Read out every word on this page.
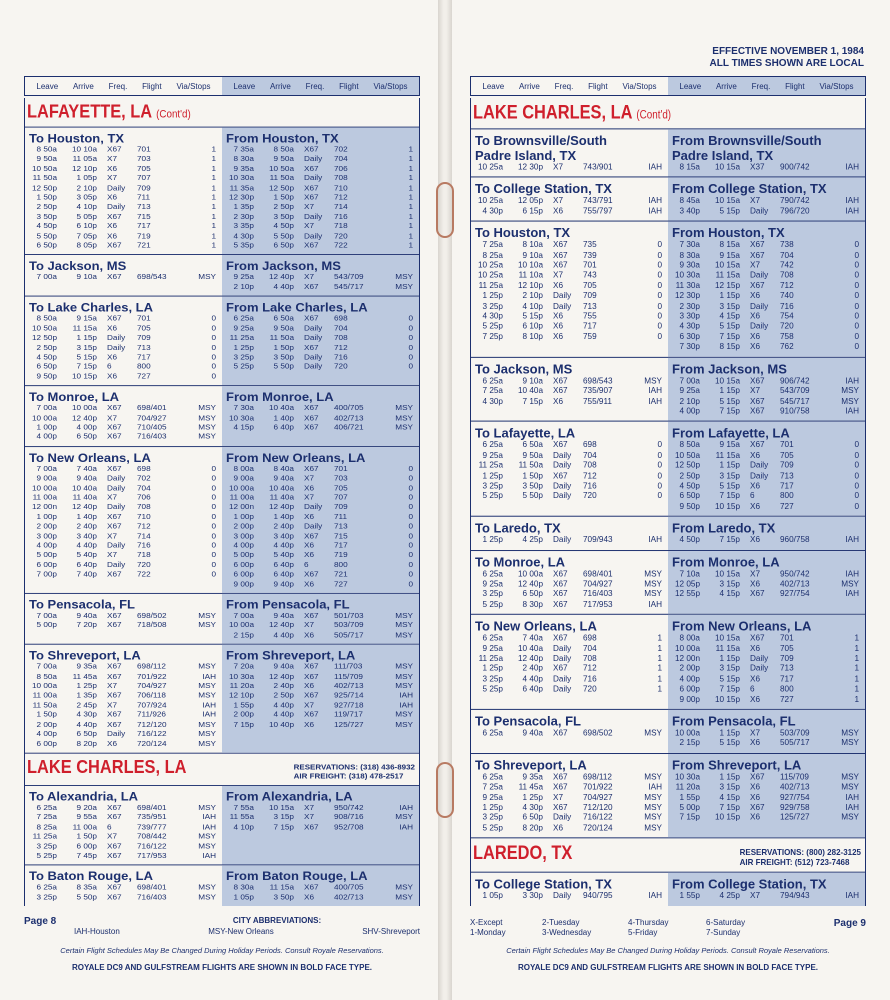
EFFECTIVE NOVEMBER 1, 1984
ALL TIMES SHOWN ARE LOCAL
Leave Arrive Freq. Flight Via/Stops	Leave Arrive Freq. Flight Via/Stops
LAFAYETTE, LA (Cont'd)
To Houston, TX
8 50a	10 10a	X67	701	1
9 50a	11 05a	X7	703	1
10 50a	12 10p	X6	705	1
11 50a	1 05p	X7	707	1
12 50p	2 10p	Daily	709	1
1 50p	3 05p	X6	711	1
2 50p	4 10p	Daily	713	1
3 50p	5 05p	X67	715	1
4 50p	6 10p	X6	717	1
5 50p	7 05p	X6	719	1
6 50p	8 05p	X67	721	1
From Houston, TX
7 35a	8 50a	X67	702	1
8 30a	9 50a	Daily	704	1
9 35a	10 50a	X67	706	1
10 30a	11 50a	Daily	708	1
11 35a	12 50p	X67	710	1
12 30p	1 50p	X67	712	1
1 35p	2 50p	X7	714	1
2 30p	3 50p	Daily	716	1
3 35p	4 50p	X7	718	1
4 30p	5 50p	Daily	720	1
5 35p	6 50p	X67	722	1
To Jackson, MS
7 00a	9 10a	X67	698/543	MSY
From Jackson, MS
9 25a	12 40p	X7	543/709	MSY
2 10p	4 40p	X67	545/717	MSY
To Lake Charles, LA
8 50a	9 15a	X67	701	0
10 50a	11 15a	X6	705	0
12 50p	1 15p	Daily	709	0
2 50p	3 15p	Daily	713	0
4 50p	5 15p	X6	717	0
6 50p	7 15p	6	800	0
9 50p	10 15p	X6	727	0
From Lake Charles, LA
6 25a	6 50a	X67	698	0
9 25a	9 50a	Daily	704	0
11 25a	11 50a	Daily	708	0
1 25p	1 50p	X67	712	0
3 25p	3 50p	Daily	716	0
5 25p	5 50p	Daily	720	0
To Monroe, LA
7 00a	10 00a	X67	698/401	MSY
10 00a	12 40p	X7	704/927	MSY
1 00p	4 00p	X67	710/405	MSY
4 00p	6 50p	X67	716/403	MSY
From Monroe, LA
7 30a	10 40a	X67	400/705	MSY
10 30a	1 40p	X67	402/713	MSY
4 15p	6 40p	X67	406/721	MSY
To New Orleans, LA
7 00a	7 40a	X67	698	0
9 00a	9 40a	Daily	702	0
10 00a	10 40a	Daily	704	0
11 00a	11 40a	X7	706	0
12 00n	12 40p	Daily	708	0
1 00p	1 40p	X67	710	0
2 00p	2 40p	X67	712	0
3 00p	3 40p	X7	714	0
4 00p	4 40p	Daily	716	0
5 00p	5 40p	X7	718	0
6 00p	6 40p	Daily	720	0
7 00p	7 40p	X67	722	0
From New Orleans, LA
8 00a	8 40a	X67	701	0
9 00a	9 40a	X7	703	0
10 00a	10 40a	X6	705	0
11 00a	11 40a	X7	707	0
12 00n	12 40p	Daily	709	0
1 00p	1 40p	X6	711	0
2 00p	2 40p	Daily	713	0
3 00p	3 40p	X67	715	0
4 00p	4 40p	X6	717	0
5 00p	5 40p	X6	719	0
6 00p	6 40p	6	800	0
6 00p	6 40p	X67	721	0
9 00p	9 40p	X6	727	0
To Pensacola, FL
7 00a	9 40a	X67	698/502	MSY
5 00p	7 20p	X67	718/508	MSY
From Pensacola, FL
7 00a	9 40a	X67	501/703	MSY
10 00a	12 40p	X7	503/709	MSY
2 15p	4 40p	X6	505/717	MSY
To Shreveport, LA
7 00a	9 35a	X67	698/112	MSY
8 50a	11 45a	X67	701/922	IAH
10 00a	1 25p	X7	704/927	MSY
11 00a	1 35p	X67	706/118	MSY
11 50a	2 45p	X7	707/924	IAH
1 50p	4 30p	X67	711/926	IAH
2 00p	4 40p	X67	712/120	MSY
4 00p	6 50p	Daily	716/122	MSY
6 00p	8 20p	X6	720/124	MSY
From Shreveport, LA
7 20a	9 40a	X67	111/703	MSY
10 30a	12 40p	X67	115/709	MSY
11 20a	2 40p	X6	402/713	MSY
12 10p	2 50p	X67	925/714	IAH
1 55p	4 40p	X7	927/718	IAH
2 00p	4 40p	X67	119/717	MSY
7 15p	10 40p	X6	125/727	MSY
LAKE CHARLES, LA	RESERVATIONS: (318) 436-8932
AIR FREIGHT: (318) 478-2517
To Alexandria, LA
6 25a	9 20a	X67	698/401	MSY
7 25a	9 55a	X67	735/951	IAH
8 25a	11 00a	6	739/777	IAH
11 25a	1 50p	X7	708/442	MSY
3 25p	6 00p	X67	716/122	MSY
5 25p	7 45p	X67	717/953	IAH
From Alexandria, LA
7 55a	10 15a	X7	950/742	IAH
11 55a	3 15p	X7	908/716	MSY
4 10p	7 15p	X67	952/708	IAH
To Baton Rouge, LA
6 25a	8 35a	X67	698/401	MSY
3 25p	5 50p	X67	716/403	MSY
From Baton Rouge, LA
8 30a	11 15a	X67	400/705	MSY
1 05p	3 50p	X6	402/713	MSY
Page 8	CITY ABBREVIATIONS:
IAH-Houston	MSY-New Orleans	SHV-Shreveport
Certain Flight Schedules May Be Changed During Holiday Periods. Consult Royale Reservations.
ROYALE DC9 AND GULFSTREAM FLIGHTS ARE SHOWN IN BOLD FACE TYPE.
Leave Arrive Freq. Flight Via/Stops	Leave Arrive Freq. Flight Via/Stops
LAKE CHARLES, LA (Cont'd)
To Brownsville/South
Padre Island, TX
10 25a	12 30p	X7	743/901	IAH
From Brownsville/South
Padre Island, TX
8 15a	10 15a	X37	900/742	IAH
To College Station, TX
10 25a	12 05p	X7	743/791	IAH
4 30p	6 15p	X6	755/797	IAH
From College Station, TX
8 45a	10 15a	X7	790/742	IAH
3 40p	5 15p	Daily	796/720	IAH
To Houston, TX
7 25a	8 10a	X67	735	0
8 25a	9 10a	X67	739	0
10 25a	10 10a	X67	701	0
10 25a	11 10a	X7	743	0
11 25a	12 10p	X6	705	0
1 25p	2 10p	Daily	709	0
3 25p	4 10p	Daily	713	0
4 30p	5 15p	X6	755	0
5 25p	6 10p	X6	717	0
7 25p	8 10p	X6	759	0
From Houston, TX
7 30a	8 15a	X67	738	0
8 30a	9 15a	X67	704	0
9 30a	10 15a	X7	742	0
10 30a	11 15a	Daily	708	0
11 30a	12 15p	X67	712	0
12 30p	1 15p	X6	740	0
2 30p	3 15p	Daily	716	0
3 30p	4 15p	X6	754	0
4 30p	5 15p	Daily	720	0
6 30p	7 15p	X6	758	0
7 30p	8 15p	X6	762	0
To Jackson, MS
6 25a	9 10a	X67	698/543	MSY
7 25a	10 40a	X67	735/907	IAH
4 30p	7 15p	X6	755/911	IAH
From Jackson, MS
7 00a	10 15a	X67	906/742	IAH
9 25a	1 15p	X7	543/709	MSY
2 10p	5 15p	X67	545/717	MSY
4 00p	7 15p	X67	910/758	IAH
To Lafayette, LA
6 25a	6 50a	X67	698	0
9 25a	9 50a	Daily	704	0
11 25a	11 50a	Daily	708	0
1 25p	1 50p	X67	712	0
3 25p	3 50p	Daily	716	0
5 25p	5 50p	Daily	720	0
From Lafayette, LA
8 50a	9 15a	X67	701	0
10 50a	11 15a	X6	705	0
12 50p	1 15p	Daily	709	0
2 50p	3 15p	Daily	713	0
4 50p	5 15p	X6	717	0
6 50p	7 15p	6	800	0
9 50p	10 15p	X6	727	0
To Laredo, TX
1 25p	4 25p	Daily	709/943	IAH
From Laredo, TX
4 50p	7 15p	X6	960/758	IAH
To Monroe, LA
6 25a	10 00a	X67	698/401	MSY
9 25a	12 40p	X67	704/927	MSY
3 25p	6 50p	X67	716/403	MSY
5 25p	8 30p	X67	717/953	IAH
From Monroe, LA
7 10a	10 15a	X7	950/742	IAH
12 05p	3 15p	X6	402/713	MSY
12 55p	4 15p	X67	927/754	IAH
To New Orleans, LA
6 25a	7 40a	X67	698	1
9 25a	10 40a	Daily	704	1
11 25a	12 40p	Daily	708	1
1 25p	2 40p	X67	712	1
3 25p	4 40p	Daily	716	1
5 25p	6 40p	Daily	720	1
From New Orleans, LA
8 00a	10 15a	X67	701	1
10 00a	11 15a	X6	705	1
12 00n	1 15p	Daily	709	1
2 00p	3 15p	Daily	713	1
4 00p	5 15p	X6	717	1
6 00p	7 15p	6	800	1
9 00p	10 15p	X6	727	1
To Pensacola, FL
6 25a	9 40a	X67	698/502	MSY
From Pensacola, FL
10 00a	1 15p	X7	503/709	MSY
2 15p	5 15p	X6	505/717	MSY
To Shreveport, LA
6 25a	9 35a	X67	698/112	MSY
7 25a	11 45a	X67	701/922	IAH
9 25a	1 25p	X7	704/927	MSY
1 25p	4 30p	X67	712/120	MSY
3 25p	6 50p	Daily	716/122	MSY
5 25p	8 20p	X6	720/124	MSY
From Shreveport, LA
10 30a	1 15p	X67	115/709	MSY
11 20a	3 15p	X6	402/713	MSY
1 55p	4 15p	X6	927/754	IAH
5 00p	7 15p	X67	929/758	IAH
7 15p	10 15p	X6	125/727	MSY
LAREDO, TX	RESERVATIONS: (800) 282-3125
AIR FREIGHT: (512) 723-7468
To College Station, TX
1 05p	3 30p	Daily	940/795	IAH
From College Station, TX
1 55p	4 25p	X7	794/943	IAH
X-Except	2-Tuesday	4-Thursday	6-Saturday
1-Monday	3-Wednesday	5-Friday	7-Sunday
Page 9
Certain Flight Schedules May Be Changed During Holiday Periods. Consult Royale Reservations.
ROYALE DC9 AND GULFSTREAM FLIGHTS ARE SHOWN IN BOLD FACE TYPE.
